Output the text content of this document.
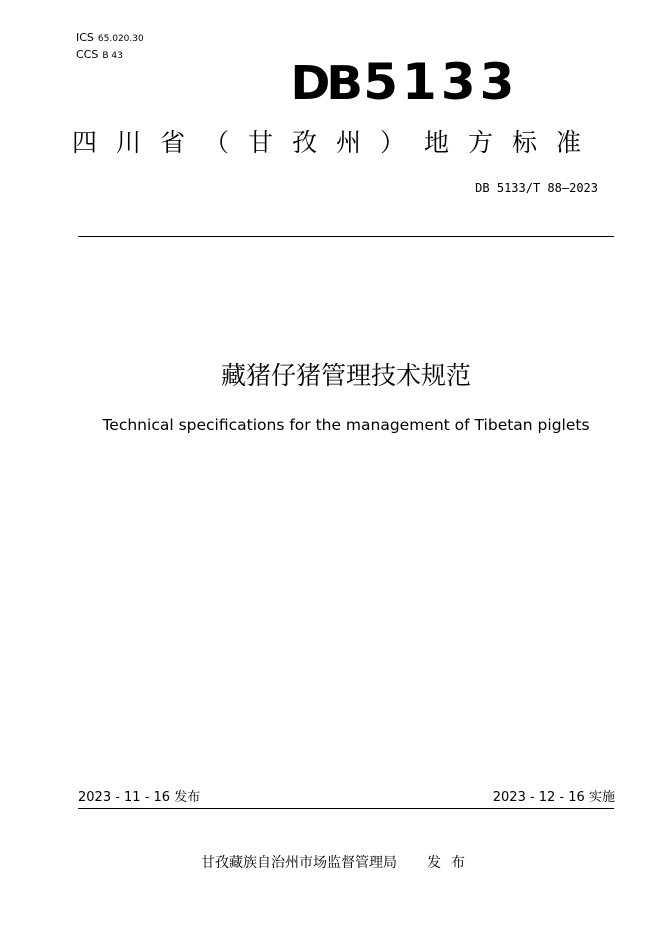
ICS 65.020.30
CCS B 43	DB5133
四川省（甘孜州）地方标准
DB 5133/T 88—2023
藏猪仔猪管理技术规范
Technical specifications for the management of Tibetan piglets
2023 - 11 - 16 发布	2023 - 12 - 16 实施
甘孜藏族自治州市场监督管理局 发布
